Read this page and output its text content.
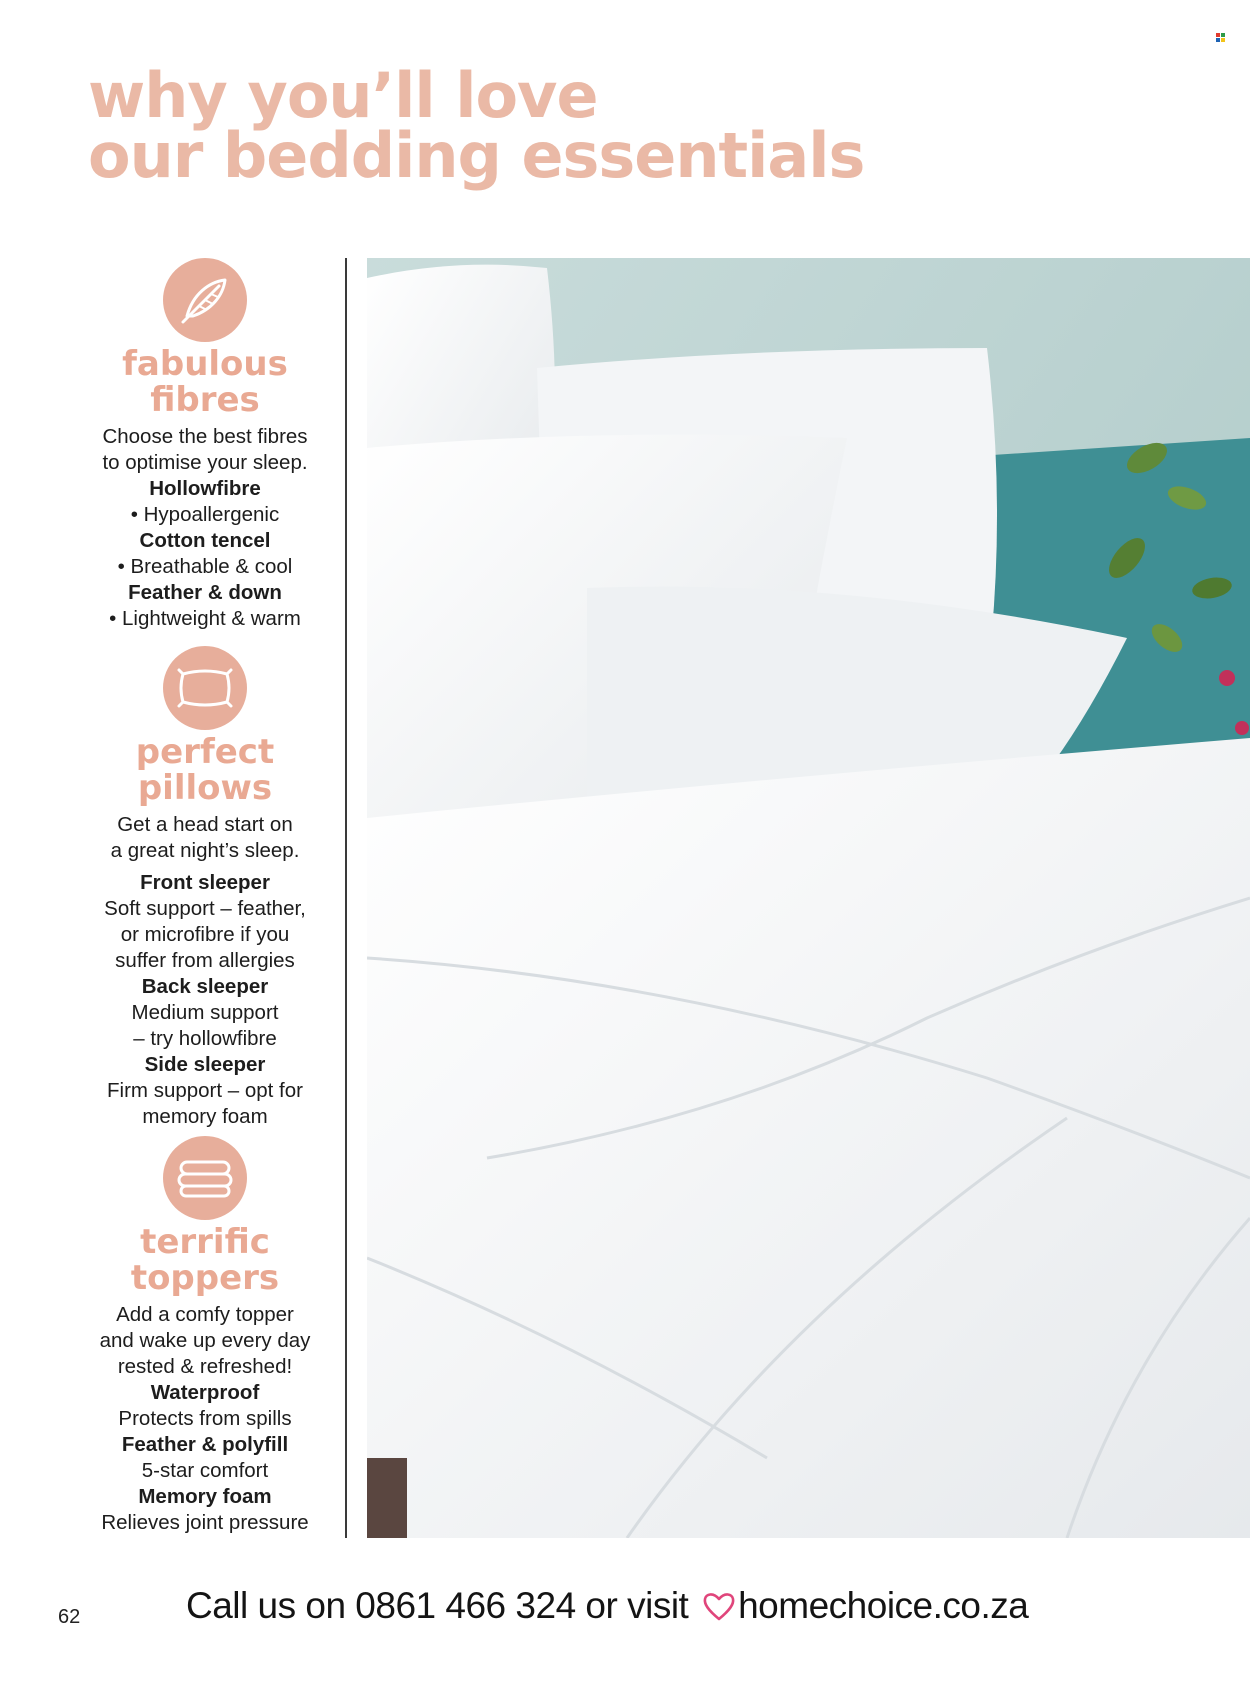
why you’ll love
our bedding essentials
fabulous
fibres
Choose the best fibres
to optimise your sleep.
Hollowfibre
• Hypoallergenic
Cotton tencel
• Breathable & cool
Feather & down
• Lightweight & warm
perfect
pillows
Get a head start on
a great night’s sleep.
Front sleeper
Soft support – feather,
or microfibre if you
suffer from allergies
Back sleeper
Medium support
– try hollowfibre
Side sleeper
Firm support – opt for
memory foam
terrific
toppers
Add a comfy topper
and wake up every day
rested & refreshed!
Waterproof
Protects from spills
Feather & polyfill
5-star comfort
Memory foam
Relieves joint pressure
62	Call us on 0861 466 324 or visit homechoice.co.za
